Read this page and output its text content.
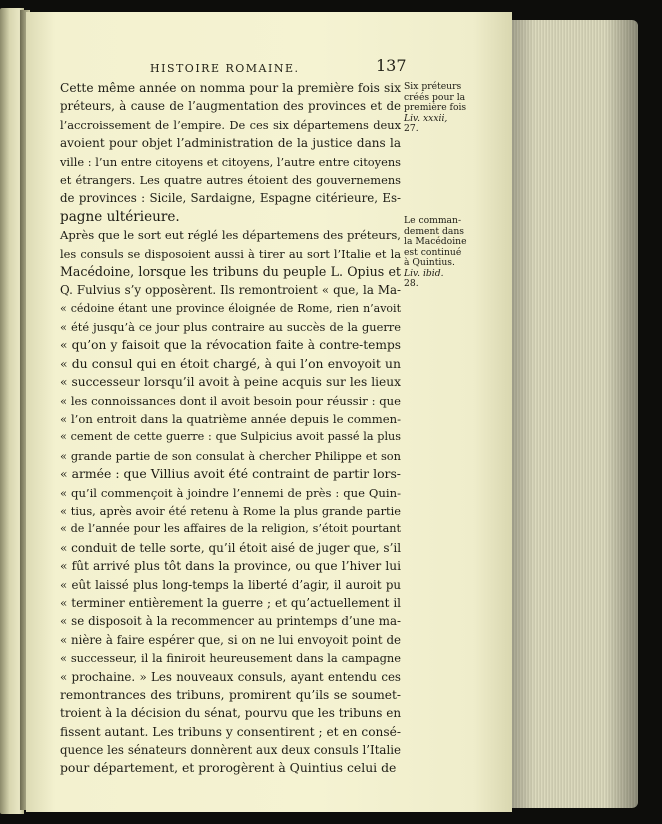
HISTOIRE ROMAINE.	137
Cette même année on nomma pour la première fois six
préteurs, à cause de l’augmentation des provinces et de
l’accroissement de l’empire. De ces six départemens deux
avoient pour objet l’administration de la justice dans la
ville : l’un entre citoyens et citoyens, l’autre entre citoyens
et étrangers. Les quatre autres étoient des gouvernemens
de provinces : Sicile, Sardaigne, Espagne citérieure, Es-
pagne ultérieure.
Après que le sort eut réglé les départemens des préteurs,
les consuls se disposoient aussi à tirer au sort l’Italie et la
Macédoine, lorsque les tribuns du peuple L. Opius et
Q. Fulvius s’y opposèrent. Ils remontroient « que, la Ma-
« cédoine étant une province éloignée de Rome, rien n’avoit
« été jusqu’à ce jour plus contraire au succès de la guerre
« qu’on y faisoit que la révocation faite à contre-temps
« du consul qui en étoit chargé, à qui l’on envoyoit un
« successeur lorsqu’il avoit à peine acquis sur les lieux
« les connoissances dont il avoit besoin pour réussir : que
« l’on entroit dans la quatrième année depuis le commen-
« cement de cette guerre : que Sulpicius avoit passé la plus
« grande partie de son consulat à chercher Philippe et son
« armée : que Villius avoit été contraint de partir lors-
« qu’il commençoit à joindre l’ennemi de près : que Quin-
« tius, après avoir été retenu à Rome la plus grande partie
« de l’année pour les affaires de la religion, s’étoit pourtant
« conduit de telle sorte, qu’il étoit aisé de juger que, s’il
« fût arrivé plus tôt dans la province, ou que l’hiver lui
« eût laissé plus long-temps la liberté d’agir, il auroit pu
« terminer entièrement la guerre ; et qu’actuellement il
« se disposoit à la recommencer au printemps d’une ma-
« nière à faire espérer que, si on ne lui envoyoit point de
« successeur, il la finiroit heureusement dans la campagne
« prochaine. » Les nouveaux consuls, ayant entendu ces
remontrances des tribuns, promirent qu’ils se soumet-
troient à la décision du sénat, pourvu que les tribuns en
fissent autant. Les tribuns y consentirent ; et en consé-
quence les sénateurs donnèrent aux deux consuls l’Italie
pour département, et prorogèrent à Quintius celui de
Six préteurs
créés pour la
première fois
Liv. xxxii,
27.
Le comman-
dement dans
la Macédoine
est continué
à Quintius.
Liv. ibid.
28.
